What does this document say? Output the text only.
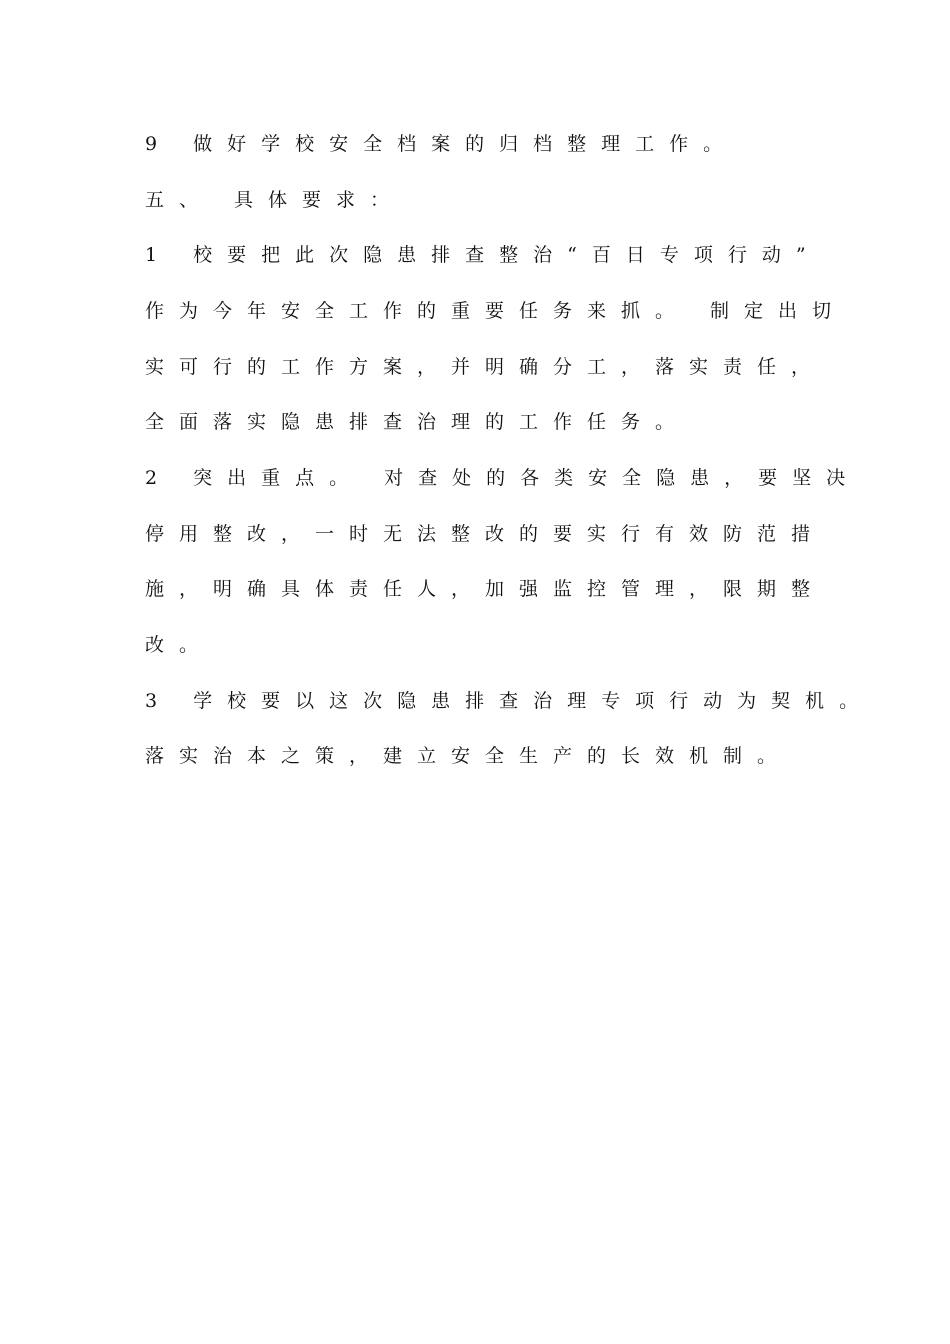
9 做好学校安全档案的归档整理工作。

五、 具体要求：

1 校要把此次隐患排查整治“百日专项行动”

作为今年安全工作的重要任务来抓。 制定出切

实可行的工作方案，并明确分工，落实责任，

全面落实隐患排查治理的工作任务。

2 突出重点。 对查处的各类安全隐患，要坚决

停用整改，一时无法整改的要实行有效防范措

施，明确具体责任人，加强监控管理，限期整

改。

3 学校要以这次隐患排查治理专项行动为契机。

落实治本之策，建立安全生产的长效机制。
